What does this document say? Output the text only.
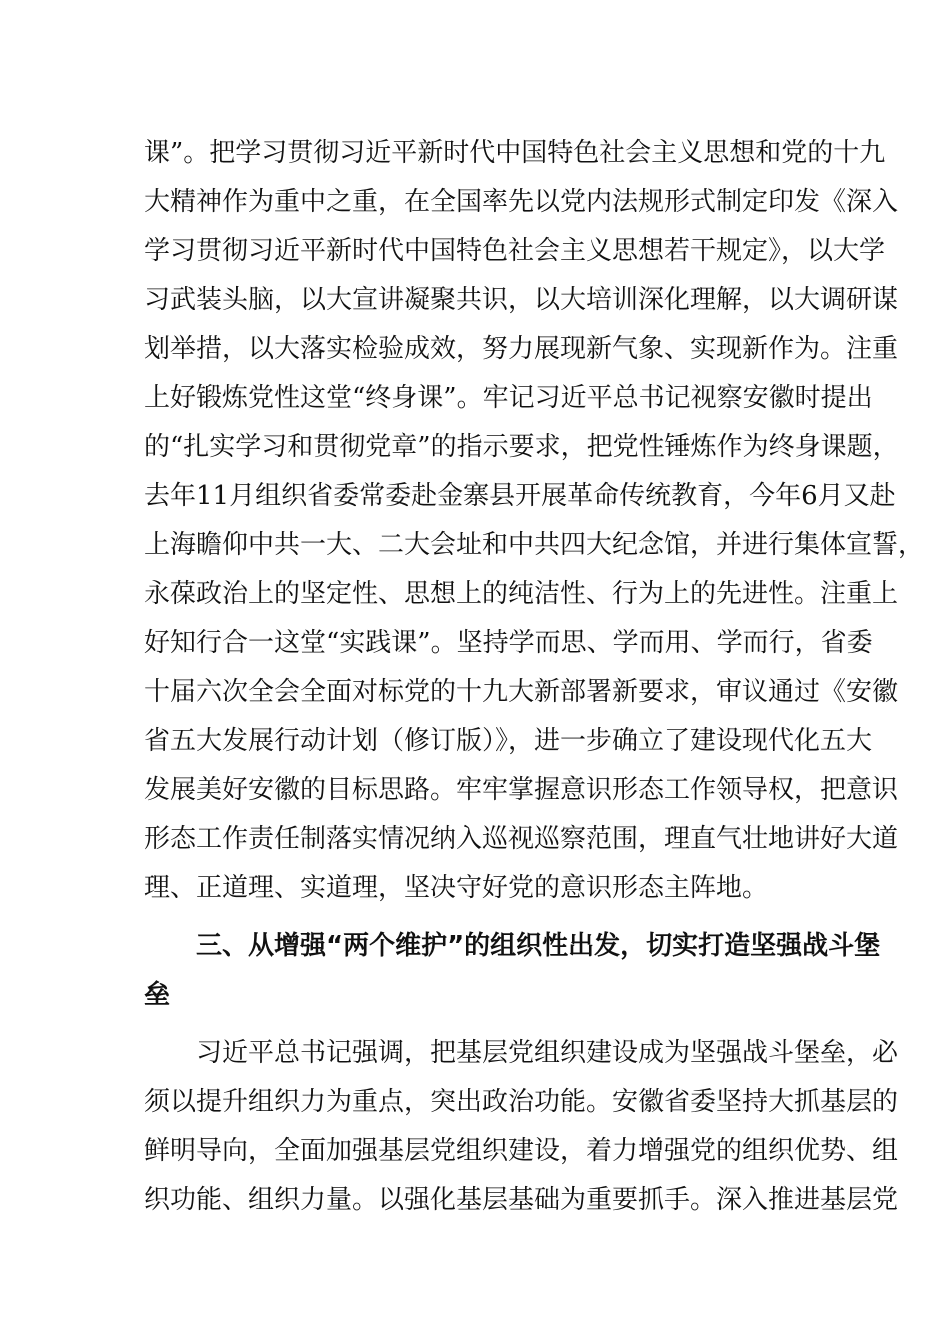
课”。把学习贯彻习近平新时代中国特色社会主义思想和党的十九
大精神作为重中之重，在全国率先以党内法规形式制定印发《深入
学习贯彻习近平新时代中国特色社会主义思想若干规定》，以大学
习武装头脑，以大宣讲凝聚共识，以大培训深化理解，以大调研谋
划举措，以大落实检验成效，努力展现新气象、实现新作为。注重
上好锻炼党性这堂“终身课”。牢记习近平总书记视察安徽时提出
的“扎实学习和贯彻党章”的指示要求，把党性锤炼作为终身课题，
去年11月组织省委常委赴金寨县开展革命传统教育，今年6月又赴
上海瞻仰中共一大、二大会址和中共四大纪念馆，并进行集体宣誓，
永葆政治上的坚定性、思想上的纯洁性、行为上的先进性。注重上
好知行合一这堂“实践课”。坚持学而思、学而用、学而行，省委
十届六次全会全面对标党的十九大新部署新要求，审议通过《安徽
省五大发展行动计划（修订版）》，进一步确立了建设现代化五大
发展美好安徽的目标思路。牢牢掌握意识形态工作领导权，把意识
形态工作责任制落实情况纳入巡视巡察范围，理直气壮地讲好大道
理、正道理、实道理，坚决守好党的意识形态主阵地。
三、从增强“两个维护”的组织性出发，切实打造坚强战斗堡
垒
习近平总书记强调，把基层党组织建设成为坚强战斗堡垒，必
须以提升组织力为重点，突出政治功能。安徽省委坚持大抓基层的
鲜明导向，全面加强基层党组织建设，着力增强党的组织优势、组
织功能、组织力量。以强化基层基础为重要抓手。深入推进基层党
